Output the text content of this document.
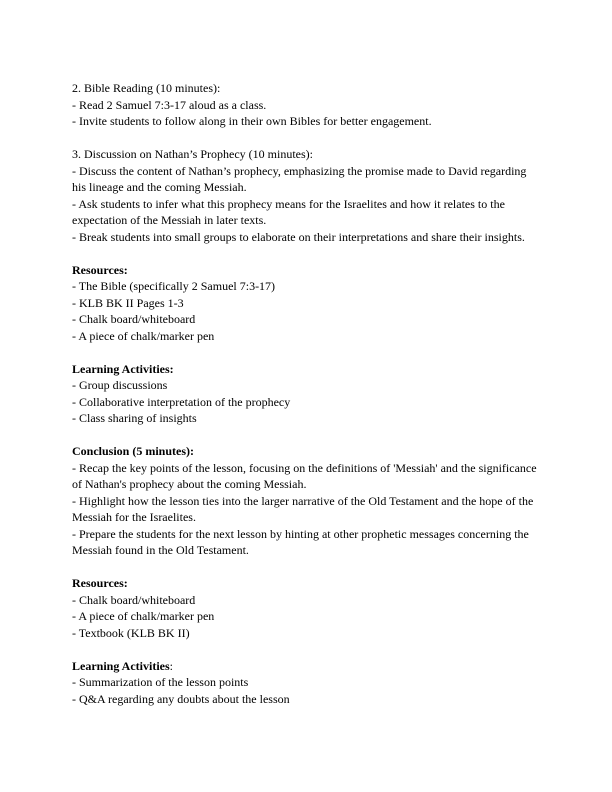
2. Bible Reading (10 minutes):

- Read 2 Samuel 7:3-17 aloud as a class.

- Invite students to follow along in their own Bibles for better engagement.

3. Discussion on Nathan’s Prophecy (10 minutes):

- Discuss the content of Nathan’s prophecy, emphasizing the promise made to David regarding his lineage and the coming Messiah.

- Ask students to infer what this prophecy means for the Israelites and how it relates to the expectation of the Messiah in later texts.

- Break students into small groups to elaborate on their interpretations and share their insights.

Resources:

- The Bible (specifically 2 Samuel 7:3-17)

- KLB BK II Pages 1-3

- Chalk board/whiteboard

- A piece of chalk/marker pen

Learning Activities:

- Group discussions

- Collaborative interpretation of the prophecy

- Class sharing of insights

Conclusion (5 minutes):

- Recap the key points of the lesson, focusing on the definitions of 'Messiah' and the significance of Nathan's prophecy about the coming Messiah.

- Highlight how the lesson ties into the larger narrative of the Old Testament and the hope of the Messiah for the Israelites.

- Prepare the students for the next lesson by hinting at other prophetic messages concerning the Messiah found in the Old Testament.

Resources:

- Chalk board/whiteboard

- A piece of chalk/marker pen

- Textbook (KLB BK II)

Learning Activities:

- Summarization of the lesson points

- Q&A regarding any doubts about the lesson
